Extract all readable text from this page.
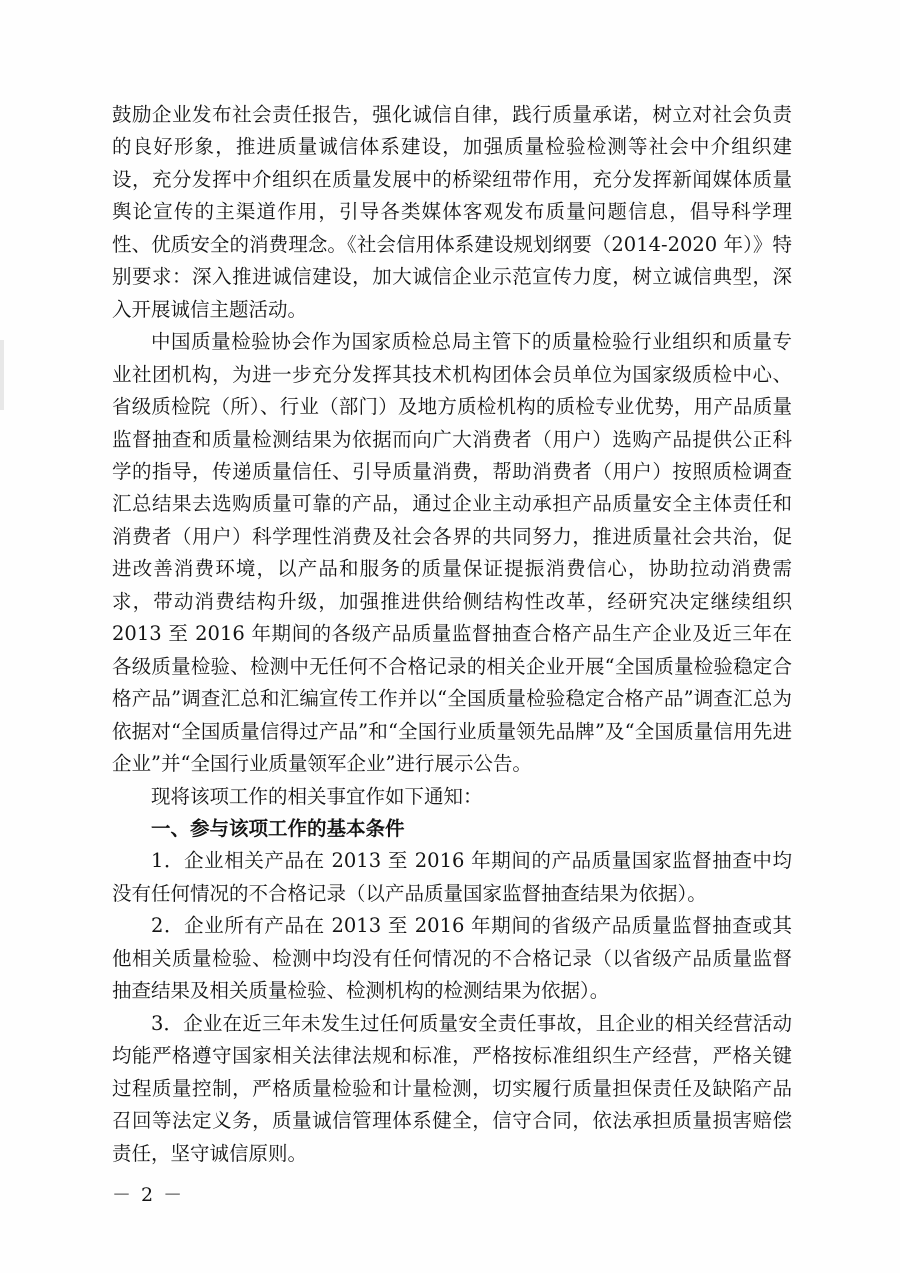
鼓励企业发布社会责任报告，强化诚信自律，践行质量承诺，树立对社会负责的良好形象，推进质量诚信体系建设，加强质量检验检测等社会中介组织建设，充分发挥中介组织在质量发展中的桥梁纽带作用，充分发挥新闻媒体质量舆论宣传的主渠道作用，引导各类媒体客观发布质量问题信息，倡导科学理性、优质安全的消费理念。《社会信用体系建设规划纲要（2014-2020 年）》特别要求：深入推进诚信建设，加大诚信企业示范宣传力度，树立诚信典型，深入开展诚信主题活动。

中国质量检验协会作为国家质检总局主管下的质量检验行业组织和质量专业社团机构，为进一步充分发挥其技术机构团体会员单位为国家级质检中心、省级质检院（所）、行业（部门）及地方质检机构的质检专业优势，用产品质量监督抽查和质量检测结果为依据而向广大消费者（用户）选购产品提供公正科学的指导，传递质量信任、引导质量消费，帮助消费者（用户）按照质检调查汇总结果去选购质量可靠的产品，通过企业主动承担产品质量安全主体责任和消费者（用户）科学理性消费及社会各界的共同努力，推进质量社会共治，促进改善消费环境，以产品和服务的质量保证提振消费信心，协助拉动消费需求，带动消费结构升级，加强推进供给侧结构性改革，经研究决定继续组织 2013 至 2016 年期间的各级产品质量监督抽查合格产品生产企业及近三年在各级质量检验、检测中无任何不合格记录的相关企业开展“全国质量检验稳定合格产品”调查汇总和汇编宣传工作并以“全国质量检验稳定合格产品”调查汇总为依据对“全国质量信得过产品”和“全国行业质量领先品牌”及“全国质量信用先进企业”并“全国行业质量领军企业”进行展示公告。

现将该项工作的相关事宜作如下通知：

一、参与该项工作的基本条件

1．企业相关产品在 2013 至 2016 年期间的产品质量国家监督抽查中均没有任何情况的不合格记录（以产品质量国家监督抽查结果为依据）。

2．企业所有产品在 2013 至 2016 年期间的省级产品质量监督抽查或其他相关质量检验、检测中均没有任何情况的不合格记录（以省级产品质量监督抽查结果及相关质量检验、检测机构的检测结果为依据）。

3．企业在近三年未发生过任何质量安全责任事故，且企业的相关经营活动均能严格遵守国家相关法律法规和标准，严格按标准组织生产经营，严格关键过程质量控制，严格质量检验和计量检测，切实履行质量担保责任及缺陷产品召回等法定义务，质量诚信管理体系健全，信守合同，依法承担质量损害赔偿责任，坚守诚信原则。

－ 2 －
